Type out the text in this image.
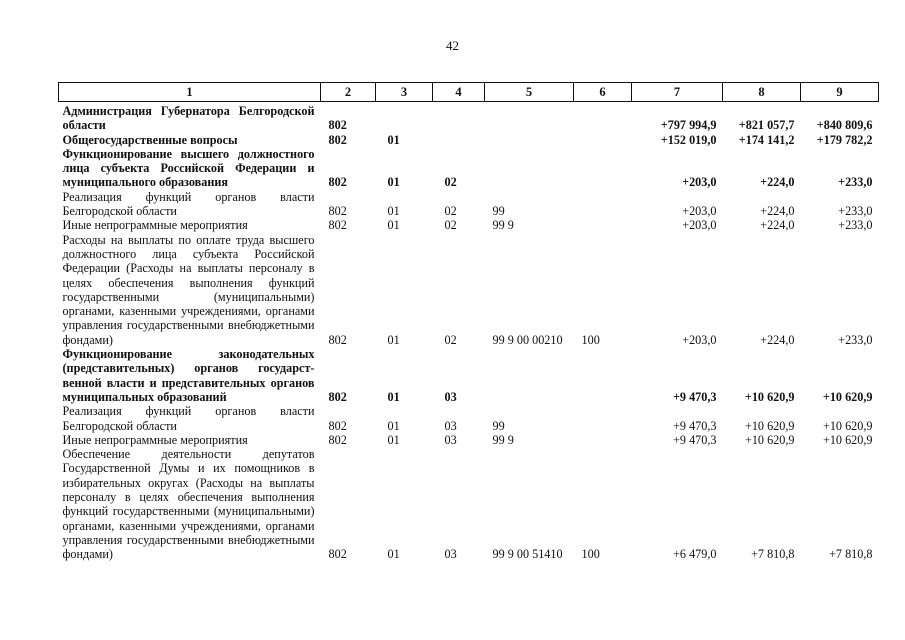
42
1	2	3	4	5	6	7	8	9
Администрация Губернатора Белгородской области	802					+797 994,9	+821 057,7	+840 809,6
Общегосударственные вопросы	802	01				+152 019,0	+174 141,2	+179 782,2
Функционирование высшего должностного лица субъекта Российской Федерации и муниципального образования	802	01	02			+203,0	+224,0	+233,0
Реализация функций органов власти Белгородской области	802	01	02	99		+203,0	+224,0	+233,0
Иные непрограммные мероприятия	802	01	02	99 9		+203,0	+224,0	+233,0
Расходы на выплаты по оплате труда высшего должностного лица субъекта Российской Федерации (Расходы на выплаты персоналу в целях обеспечения выполнения функций государственными (муниципальными) органами, казенными учреждениями, органами управления государственными внебюджетными фондами)	802	01	02	99 9 00 00210	100	+203,0	+224,0	+233,0
Функционирование законодательных (представительных) органов государст-венной власти и представительных органов муниципальных образований	802	01	03			+9 470,3	+10 620,9	+10 620,9
Реализация функций органов власти Белгородской области	802	01	03	99		+9 470,3	+10 620,9	+10 620,9
Иные непрограммные мероприятия	802	01	03	99 9		+9 470,3	+10 620,9	+10 620,9
Обеспечение деятельности депутатов Государственной Думы и их помощников в избирательных округах (Расходы на выплаты персоналу в целях обеспечения выполнения функций государственными (муниципальными) органами, казенными учреждениями, органами управления государственными внебюджетными фондами)	802	01	03	99 9 00 51410	100	+6 479,0	+7 810,8	+7 810,8
